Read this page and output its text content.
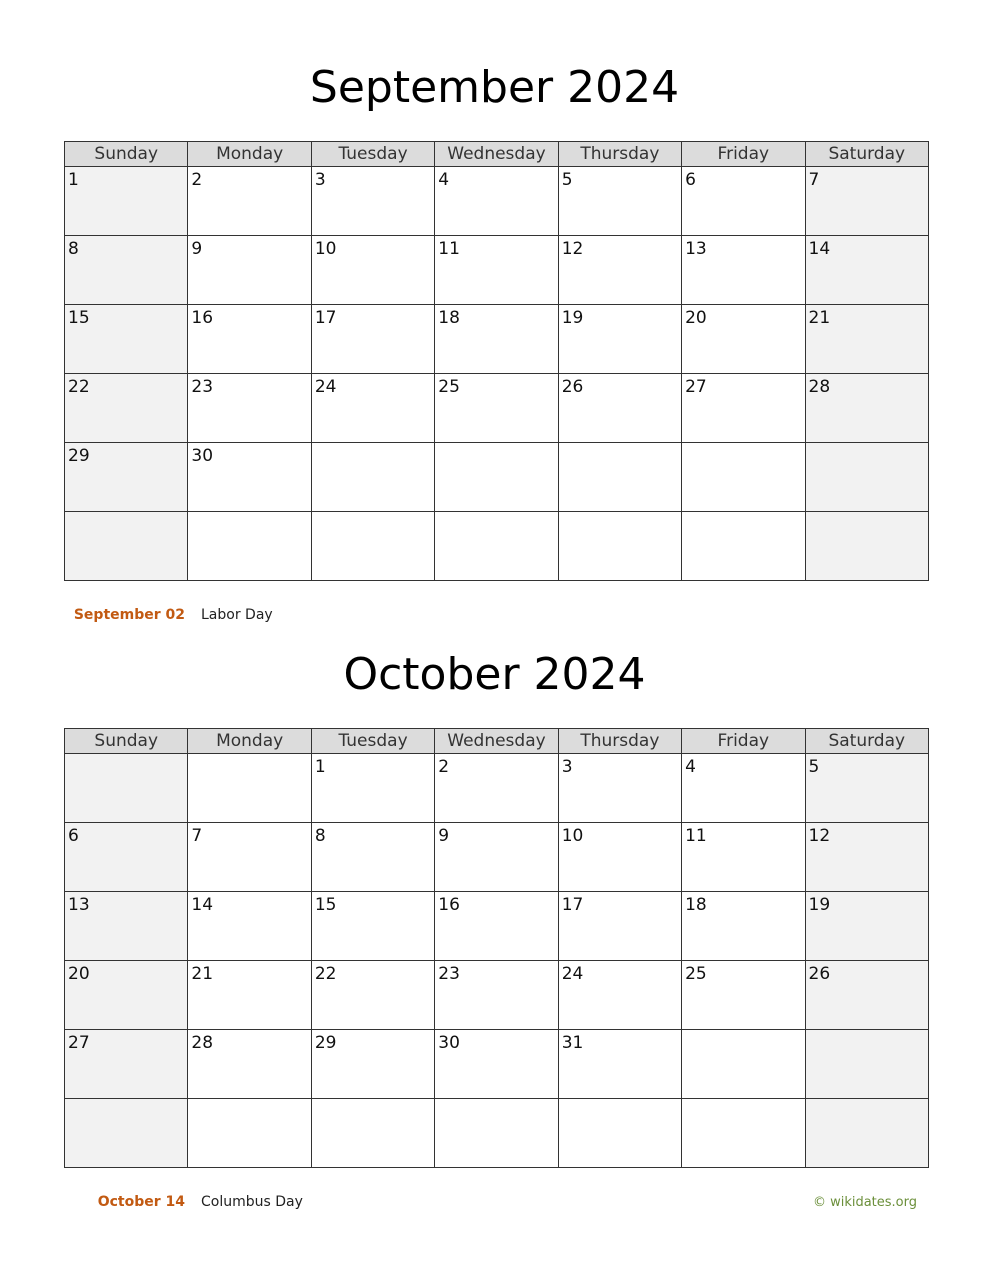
September 2024
Sunday	Monday	Tuesday	Wednesday	Thursday	Friday	Saturday

1	2	3	4	5	6	7

8	9	10	11	12	13	14

15	16	17	18	19	20	21

22	23	24	25	26	27	28

29	30					

September 02 Labor Day
October 2024
Sunday	Monday	Tuesday	Wednesday	Thursday	Friday	Saturday

		1	2	3	4	5

6	7	8	9	10	11	12

13	14	15	16	17	18	19

20	21	22	23	24	25	26

27	28	29	30	31		

October 14 Columbus Day	© wikidates.org
